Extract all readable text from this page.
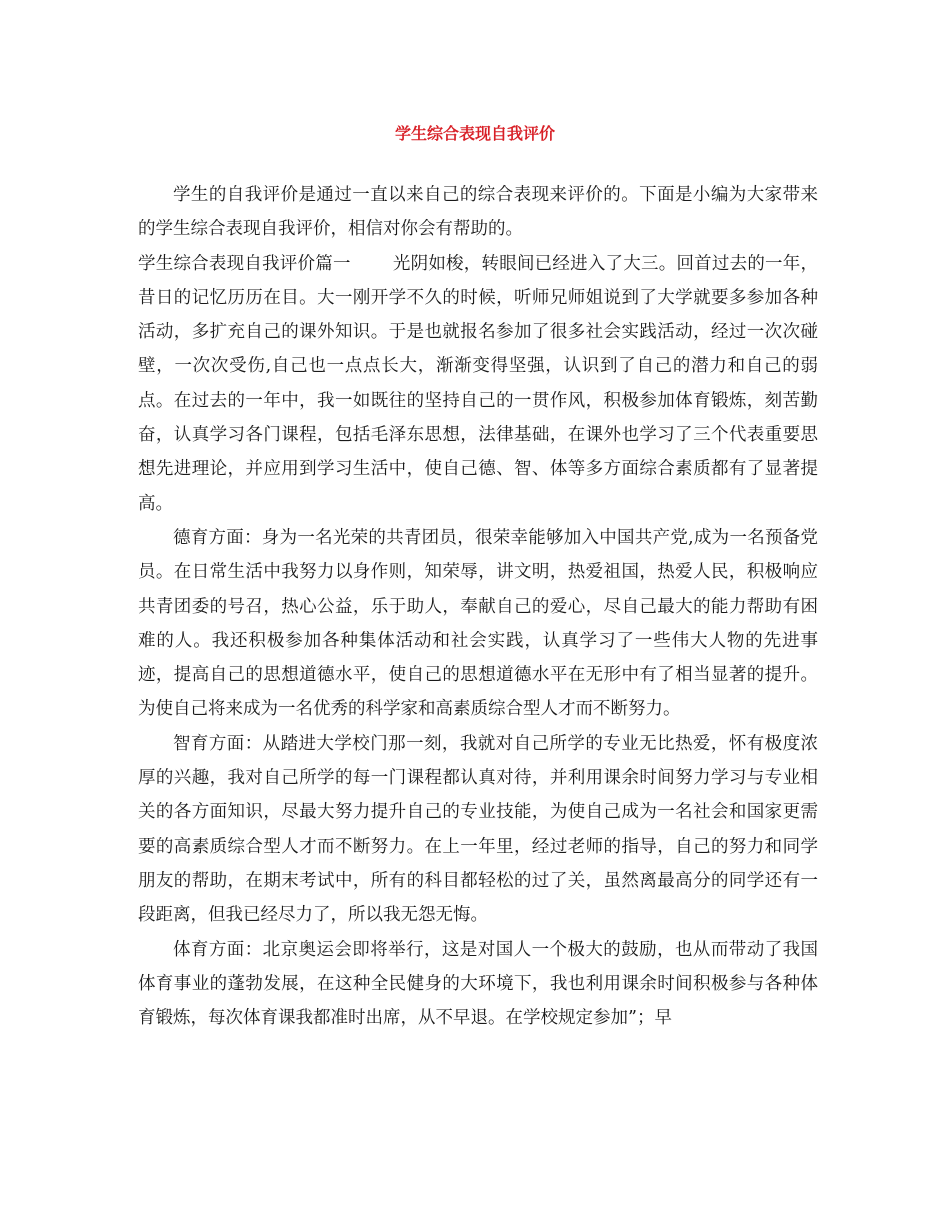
学生综合表现自我评价

学生的自我评价是通过一直以来自己的综合表现来评价的。下面是小编为大家带来的学生综合表现自我评价，相信对你会有帮助的。

学生综合表现自我评价篇一 光阴如梭，转眼间已经进入了大三。回首过去的一年，昔日的记忆历历在目。大一刚开学不久的时候，听师兄师姐说到了大学就要多参加各种活动，多扩充自己的课外知识。于是也就报名参加了很多社会实践活动，经过一次次碰壁，一次次受伤,自己也一点点长大，渐渐变得坚强，认识到了自己的潜力和自己的弱点。在过去的一年中，我一如既往的坚持自己的一贯作风，积极参加体育锻炼，刻苦勤奋，认真学习各门课程，包括毛泽东思想，法律基础，在课外也学习了三个代表重要思想先进理论，并应用到学习生活中，使自己德、智、体等多方面综合素质都有了显著提高。

德育方面：身为一名光荣的共青团员，很荣幸能够加入中国共产党,成为一名预备党员。在日常生活中我努力以身作则，知荣辱，讲文明，热爱祖国，热爱人民，积极响应共青团委的号召，热心公益，乐于助人，奉献自己的爱心，尽自己最大的能力帮助有困难的人。我还积极参加各种集体活动和社会实践，认真学习了一些伟大人物的先进事迹，提高自己的思想道德水平，使自己的思想道德水平在无形中有了相当显著的提升。为使自己将来成为一名优秀的科学家和高素质综合型人才而不断努力。

智育方面：从踏进大学校门那一刻，我就对自己所学的专业无比热爱，怀有极度浓厚的兴趣，我对自己所学的每一门课程都认真对待，并利用课余时间努力学习与专业相关的各方面知识，尽最大努力提升自己的专业技能，为使自己成为一名社会和国家更需要的高素质综合型人才而不断努力。在上一年里，经过老师的指导，自己的努力和同学朋友的帮助，在期末考试中，所有的科目都轻松的过了关，虽然离最高分的同学还有一段距离，但我已经尽力了，所以我无怨无悔。

体育方面：北京奥运会即将举行，这是对国人一个极大的鼓励，也从而带动了我国体育事业的蓬勃发展，在这种全民健身的大环境下，我也利用课余时间积极参与各种体育锻炼，每次体育课我都准时出席，从不早退。在学校规定参加”；早
